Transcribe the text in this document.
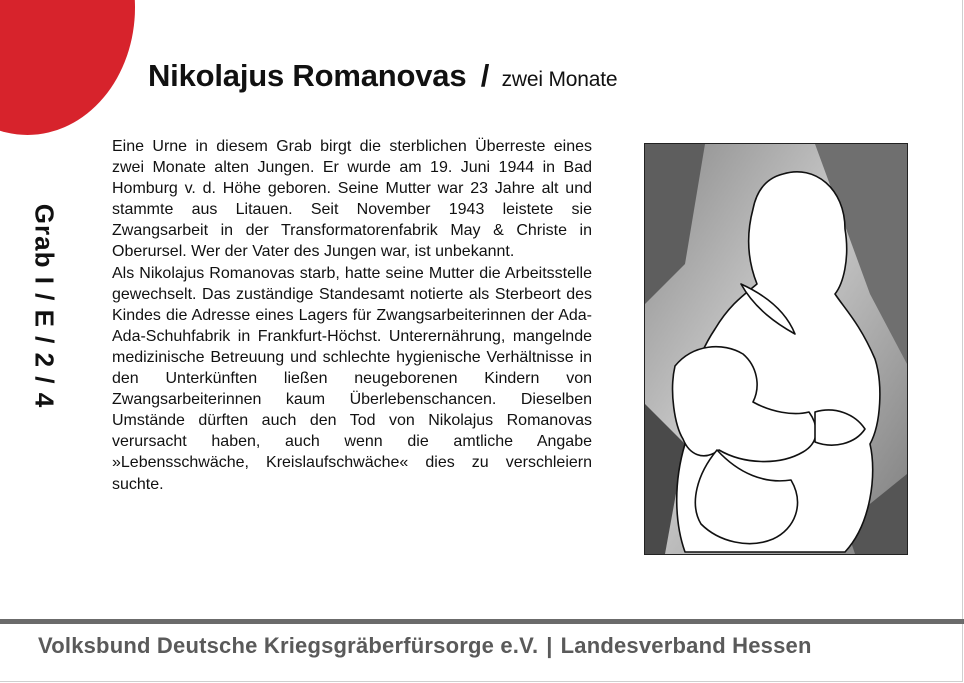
Nikolajus Romanovas / zwei Monate
Grab I / E / 2 / 4

Eine Urne in diesem Grab birgt die sterblichen Überreste eines zwei Monate alten Jungen. Er wurde am 19. Juni 1944 in Bad Homburg v. d. Höhe geboren. Seine Mutter war 23 Jahre alt und stammte aus Litauen. Seit November 1943 leistete sie Zwangsarbeit in der Transformatorenfabrik May & Christe in Oberursel. Wer der Vater des Jungen war, ist unbekannt.

Als Nikolajus Romanovas starb, hatte seine Mutter die Arbeitsstelle gewechselt. Das zuständige Standesamt notierte als Sterbeort des Kindes die Adresse eines Lagers für Zwangsarbeiterinnen der Ada-Ada-Schuhfabrik in Frankfurt-Höchst. Unterernährung, mangelnde medizinische Betreuung und schlechte hygienische Verhältnisse in den Unterkünften ließen neugeborenen Kindern von Zwangsarbeiterinnen kaum Überlebenschancen. Dieselben Umstände dürften auch den Tod von Nikolajus Romanovas verursacht haben, auch wenn die amtliche Angabe »Lebensschwäche, Kreislaufschwäche« dies zu verschleiern suchte.

Volksbund Deutsche Kriegsgräberfürsorge e.V. | Landesverband Hessen
